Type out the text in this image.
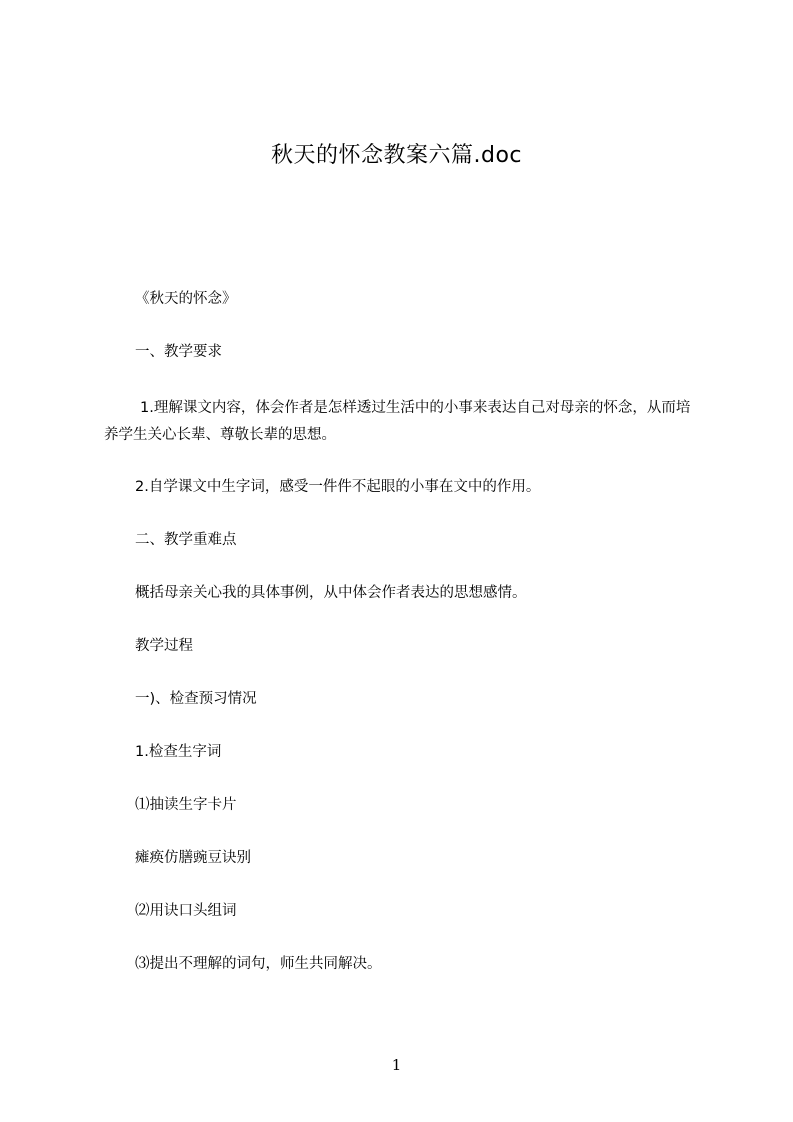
秋天的怀念教案六篇.doc
《秋天的怀念》
一、教学要求
1.理解课文内容，体会作者是怎样透过生活中的小事来表达自己对母亲的怀念，从而培养学生关心长辈、尊敬长辈的思想。
2.自学课文中生字词，感受一件件不起眼的小事在文中的作用。
二、教学重难点
概括母亲关心我的具体事例，从中体会作者表达的思想感情。
教学过程
一)、检查预习情况
1.检查生字词
⑴抽读生字卡片
瘫痪仿膳豌豆诀别
⑵用诀口头组词
⑶提出不理解的词句，师生共同解决。
1
